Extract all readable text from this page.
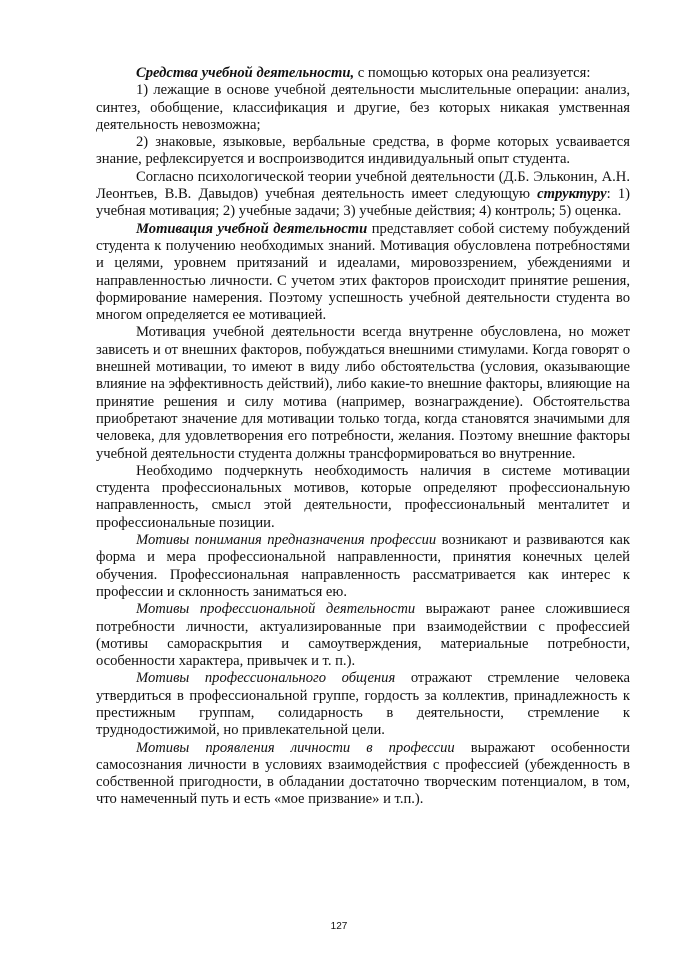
Средства учебной деятельности, с помощью которых она реализуется:

1) лежащие в основе учебной деятельности мыслительные операции: анализ, синтез, обобщение, классификация и другие, без которых никакая умственная деятельность невозможна;

2) знаковые, языковые, вербальные средства, в форме которых усваивается знание, рефлексируется и воспроизводится индивидуальный опыт студента.

Согласно психологической теории учебной деятельности (Д.Б. Эльконин, А.Н. Леонтьев, В.В. Давыдов) учебная деятельность имеет следующую структуру: 1) учебная мотивация; 2) учебные задачи; 3) учебные действия; 4) контроль; 5) оценка.

Мотивация учебной деятельности представляет собой систему побуждений студента к получению необходимых знаний. Мотивация обусловлена потребностями и целями, уровнем притязаний и идеалами, мировоззрением, убеждениями и направленностью личности. С учетом этих факторов происходит принятие решения, формирование намерения. Поэтому успешность учебной деятельности студента во многом определяется ее мотивацией.

Мотивация учебной деятельности всегда внутренне обусловлена, но может зависеть и от внешних факторов, побуждаться внешними стимулами. Когда говорят о внешней мотивации, то имеют в виду либо обстоятельства (условия, оказывающие влияние на эффективность действий), либо какие-то внешние факторы, влияющие на принятие решения и силу мотива (например, вознаграждение). Обстоятельства приобретают значение для мотивации только тогда, когда становятся значимыми для человека, для удовлетворения его потребности, желания. Поэтому внешние факторы учебной деятельности студента должны трансформироваться во внутренние.

Необходимо подчеркнуть необходимость наличия в системе мотивации студента профессиональных мотивов, которые определяют профессиональную направленность, смысл этой деятельности, профессиональный менталитет и профессиональные позиции.

Мотивы понимания предназначения профессии возникают и развиваются как форма и мера профессиональной направленности, принятия конечных целей обучения. Профессиональная направленность рассматривается как интерес к профессии и склонность заниматься ею.

Мотивы профессиональной деятельности выражают ранее сложившиеся потребности личности, актуализированные при взаимодействии с профессией (мотивы самораскрытия и самоутверждения, материальные потребности, особенности характера, привычек и т. п.).

Мотивы профессионального общения отражают стремление человека утвердиться в профессиональной группе, гордость за коллектив, принадлежность к престижным группам, солидарность в деятельности, стремление к труднодостижимой, но привлекательной цели.

Мотивы проявления личности в профессии выражают особенности самосознания личности в условиях взаимодействия с профессией (убежденность в собственной пригодности, в обладании достаточно творческим потенциалом, в том, что намеченный путь и есть «мое призвание» и т.п.).

127
